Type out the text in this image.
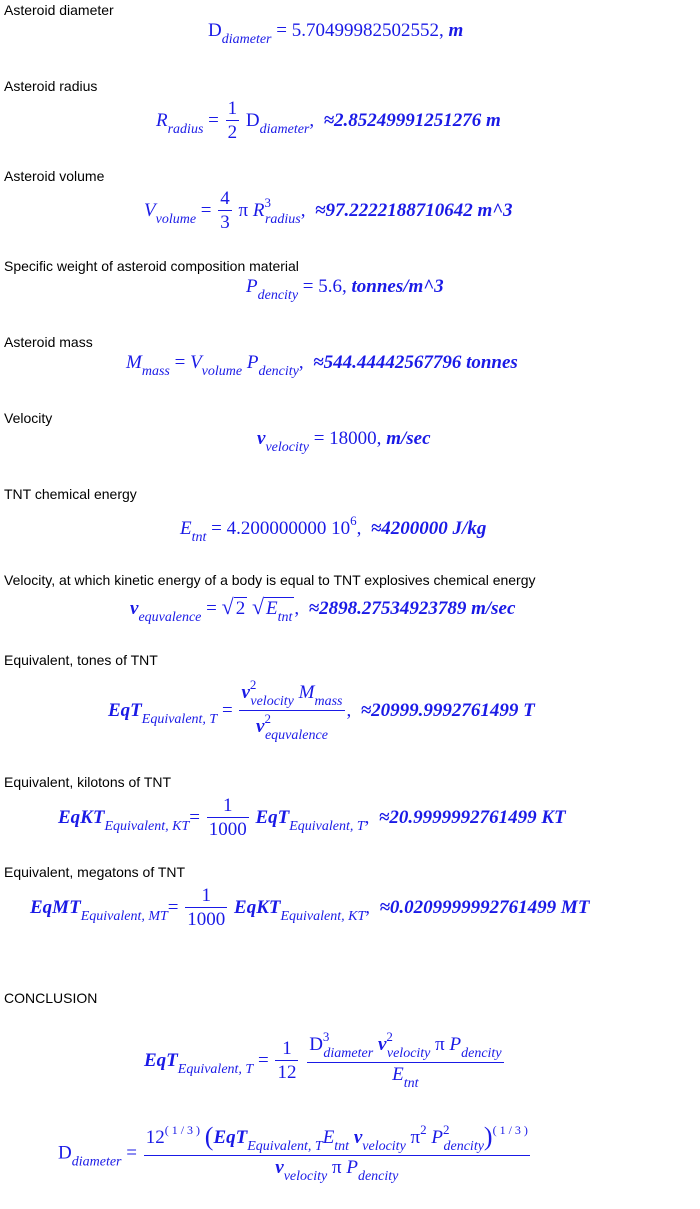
Asteroid diameter
$D_{diameter} = 5.70499982502552$, m
Asteroid radius
$R_{radius} = \frac{1}{2} D_{diameter}$,  ≈2.85249991251276 m
Asteroid volume
$V_{volume} = \frac{4}{3}$ π $R^3_{radius}$,  ≈97.2222188710642 m^3
Specific weight of asteroid composition material
$P_{dencity} = 5.6$, tonnes/m^3
Asteroid mass
$M_{mass} = V_{volume}$ $P_{dencity}$,  ≈544.44442567796 tonnes
Velocity
$v_{velocity} = 18000$, m/sec
TNT chemical energy
$E_{tnt} = 4.200000000$ $10^6$,  ≈4200000 J/kg
Velocity, at which kinetic energy of a body is equal to TNT explosives chemical energy
$v_{equvalence}$ = √ 2 √ $E_{tnt}$ ,  ≈2898.27534923789 m/sec
Equivalent, tones of TNT
$EqT_{Equivalent, T} = \frac{v^2_{velocity} M_{mass}}{v^2_{equvalence}}$ ,  ≈20999.9992761499 T
Equivalent, kilotons of TNT
EqKT$_{Equivalent, KT}$= $\frac{1}{1000} EqT_{Equivalent, T}$,  ≈20.9999992761499 KT
Equivalent, megatons of TNT
EqMT$_{Equivalent, MT}$= $\frac{1}{1000}$ EqKT$_{Equivalent, KT}$,  ≈0.0209999992761499 MT
CONCLUSION
$EqT_{Equivalent, T} = \frac{1}{12}$
$\frac{D^3_{diameter} v^2_{velocity} \pi P_{dencity}}{E_{tnt}}$
$D_{diameter}$ =
$12^{( 1 / 3 )}$ ($EqT_{Equivalent, T}E_{tnt}$ $v_{velocity}$ $\pi^2$ $P^2_{dencity})^{( 1 / 3 )}$
$v_{velocity}$ π $P_{dencity}$
